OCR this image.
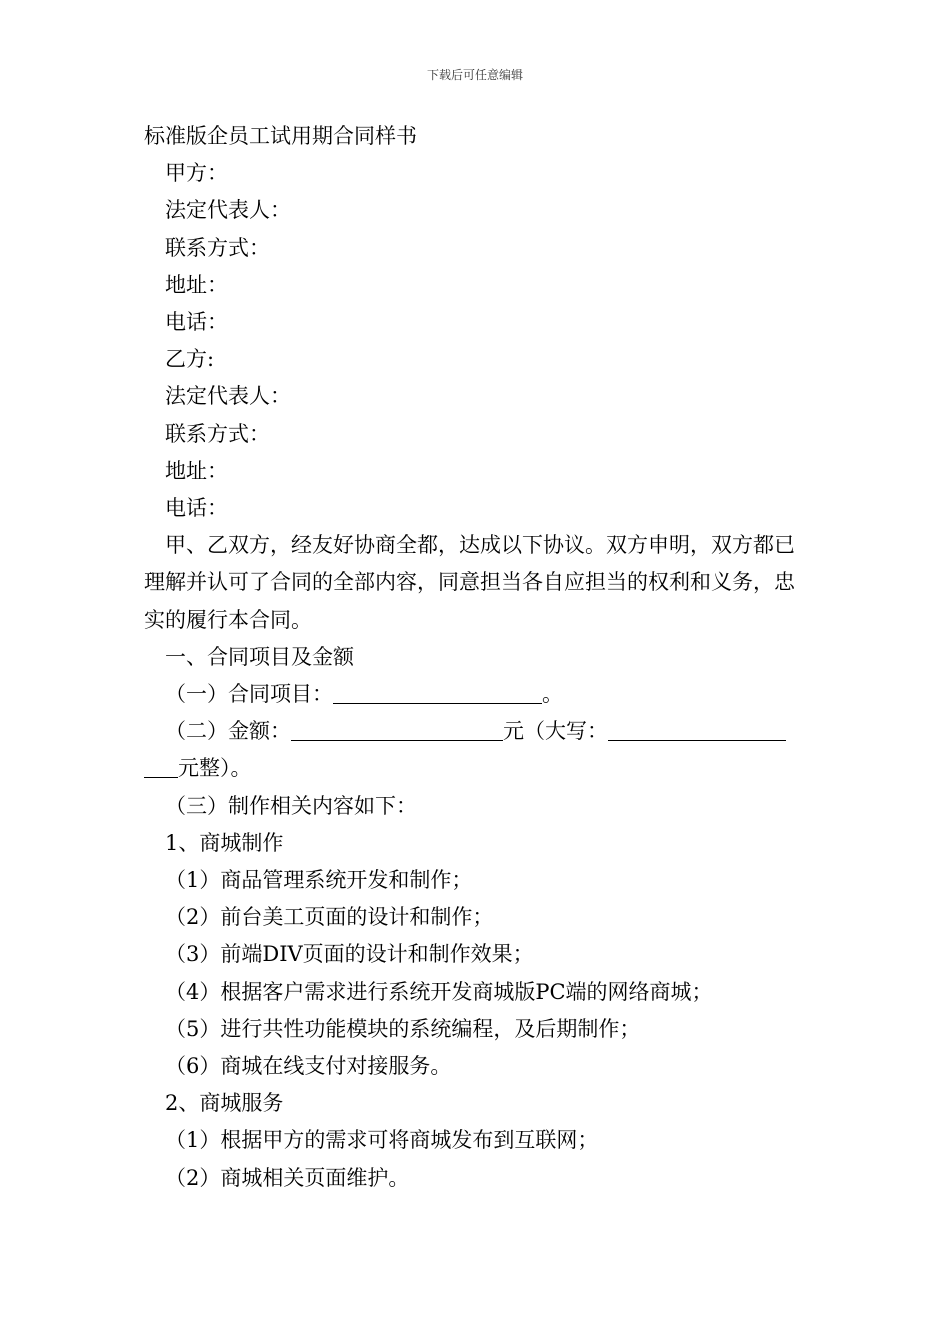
下载后可任意编辑
标准版企员工试用期合同样书
甲方：
法定代表人：
联系方式：
地址：
电话：
乙方:
法定代表人：
联系方式：
地址：
电话：
甲、乙双方，经友好协商全都，达成以下协议。双方申明，双方都已理解并认可了合同的全部内容，同意担当各自应担当的权利和义务，忠实的履行本合同。
一、合同项目及金额
（一）合同项目：	。
（二）金额：	元（大写：
元整）。
（三）制作相关内容如下：
1、商城制作
（1）商品管理系统开发和制作；
（2）前台美工页面的设计和制作；
（3）前端DIV页面的设计和制作效果；
（4）根据客户需求进行系统开发商城版PC端的网络商城；
（5）进行共性功能模块的系统编程，及后期制作；
（6）商城在线支付对接服务。
2、商城服务
（1）根据甲方的需求可将商城发布到互联网；
（2）商城相关页面维护。
